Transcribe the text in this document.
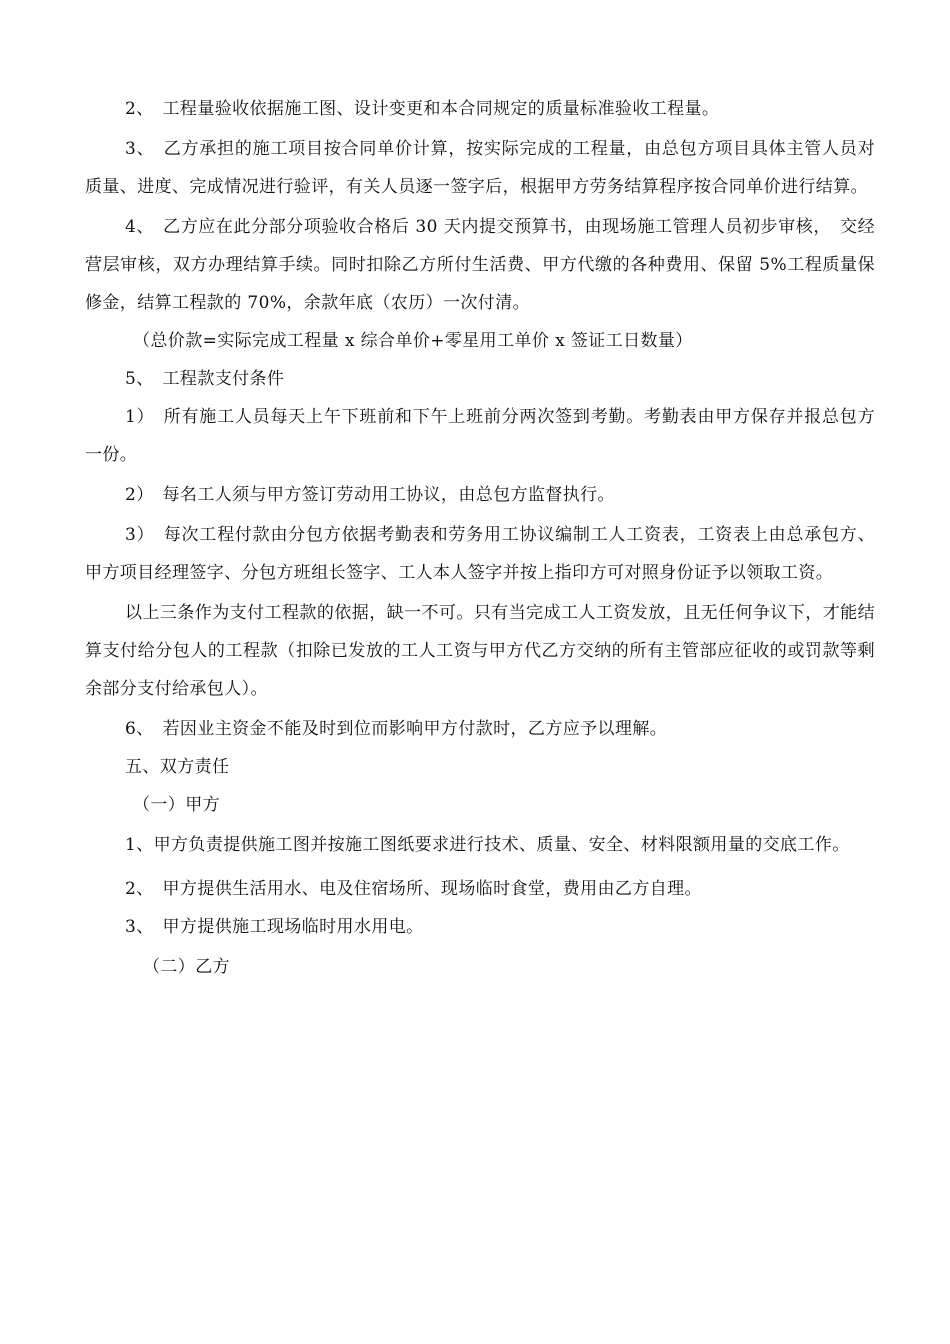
2、　工程量验收依据施工图、设计变更和本合同规定的质量标准验收工程量。

3、　乙方承担的施工项目按合同单价计算，按实际完成的工程量，由总包方项目具体主管人员对质量、进度、完成情况进行验评，有关人员逐一签字后，根据甲方劳务结算程序按合同单价进行结算。

4、　乙方应在此分部分项验收合格后 30 天内提交预算书，由现场施工管理人员初步审核，　交经营层审核，双方办理结算手续。同时扣除乙方所付生活费、甲方代缴的各种费用、保留 5%工程质量保修金，结算工程款的 70%，余款年底（农历）一次付清。

（总价款=实际完成工程量 x 综合单价+零星用工单价 x 签证工日数量）

5、　工程款支付条件

1）　所有施工人员每天上午下班前和下午上班前分两次签到考勤。考勤表由甲方保存并报总包方一份。

2）　每名工人须与甲方签订劳动用工协议，由总包方监督执行。

3）　每次工程付款由分包方依据考勤表和劳务用工协议编制工人工资表，工资表上由总承包方、甲方项目经理签字、分包方班组长签字、工人本人签字并按上指印方可对照身份证予以领取工资。

以上三条作为支付工程款的依据，缺一不可。只有当完成工人工资发放，且无任何争议下，才能结算支付给分包人的工程款（扣除已发放的工人工资与甲方代乙方交纳的所有主管部应征收的或罚款等剩余部分支付给承包人）。

6、　若因业主资金不能及时到位而影响甲方付款时，乙方应予以理解。

五、双方责任

（一）甲方

1、甲方负责提供施工图并按施工图纸要求进行技术、质量、安全、材料限额用量的交底工作。

2、　甲方提供生活用水、电及住宿场所、现场临时食堂，费用由乙方自理。

3、　甲方提供施工现场临时用水用电。

（二）乙方
